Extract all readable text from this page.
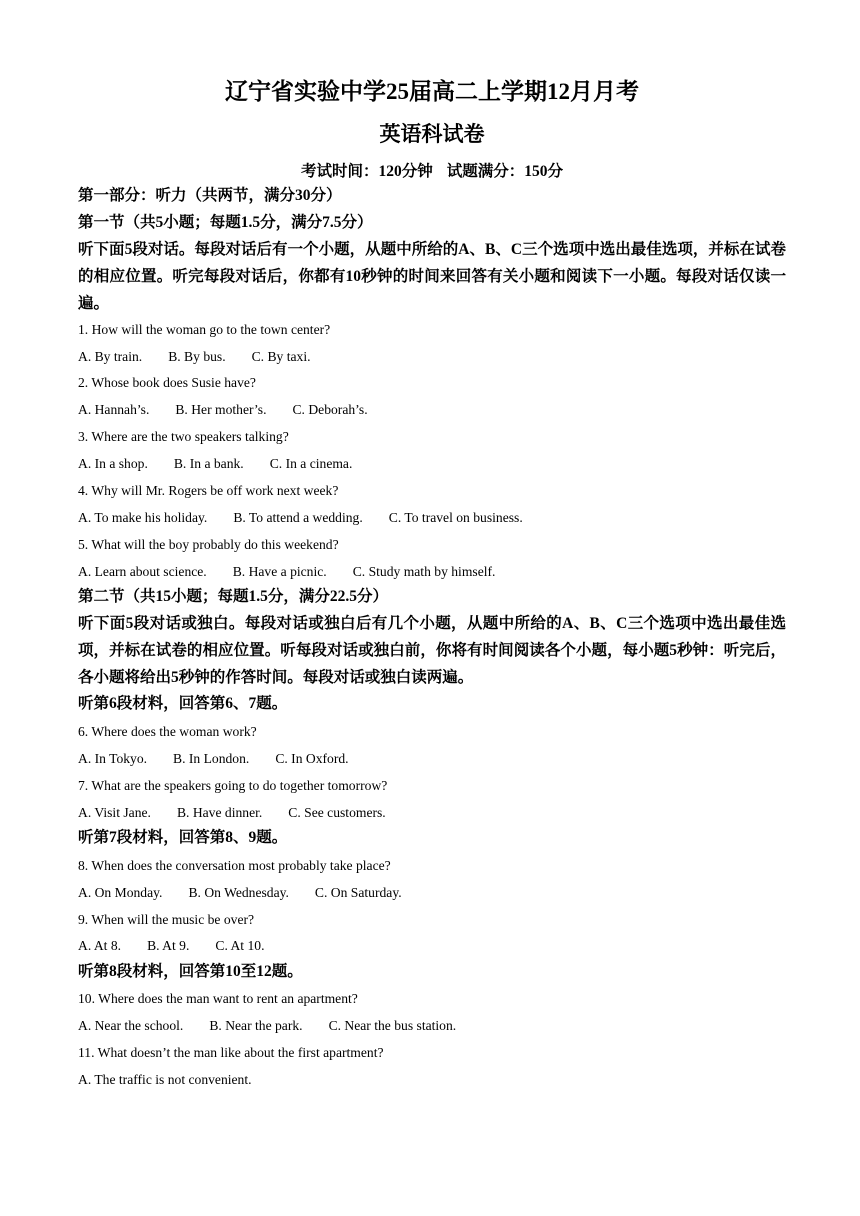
辽宁省实验中学25届高二上学期12月月考
英语科试卷
考试时间：120分钟 试题满分：150分
第一部分：听力（共两节，满分30分）
第一节（共5小题；每题1.5分，满分7.5分）
听下面5段对话。每段对话后有一个小题，从题中所给的A、B、C三个选项中选出最佳选项，并标在试卷的相应位置。听完每段对话后，你都有10秒钟的时间来回答有关小题和阅读下一小题。每段对话仅读一遍。
1. How will the woman go to the town center?
A. By train. B. By bus. C. By taxi.
2. Whose book does Susie have?
A. Hannah’s. B. Her mother’s. C. Deborah’s.
3. Where are the two speakers talking?
A. In a shop. B. In a bank. C. In a cinema.
4. Why will Mr. Rogers be off work next week?
A. To make his holiday. B. To attend a wedding. C. To travel on business.
5. What will the boy probably do this weekend?
A. Learn about science. B. Have a picnic. C. Study math by himself.
第二节（共15小题；每题1.5分，满分22.5分）
听下面5段对话或独白。每段对话或独白后有几个小题，从题中所给的A、B、C三个选项中选出最佳选项，并标在试卷的相应位置。听每段对话或独白前，你将有时间阅读各个小题，每小题5秒钟：听完后，各小题将给出5秒钟的作答时间。每段对话或独白读两遍。
听第6段材料，回答第6、7题。
6. Where does the woman work?
A. In Tokyo. B. In London. C. In Oxford.
7. What are the speakers going to do together tomorrow?
A. Visit Jane. B. Have dinner. C. See customers.
听第7段材料，回答第8、9题。
8. When does the conversation most probably take place?
A. On Monday. B. On Wednesday. C. On Saturday.
9. When will the music be over?
A. At 8. B. At 9. C. At 10.
听第8段材料，回答第10至12题。
10. Where does the man want to rent an apartment?
A. Near the school. B. Near the park. C. Near the bus station.
11. What doesn’t the man like about the first apartment?
A. The traffic is not convenient.
